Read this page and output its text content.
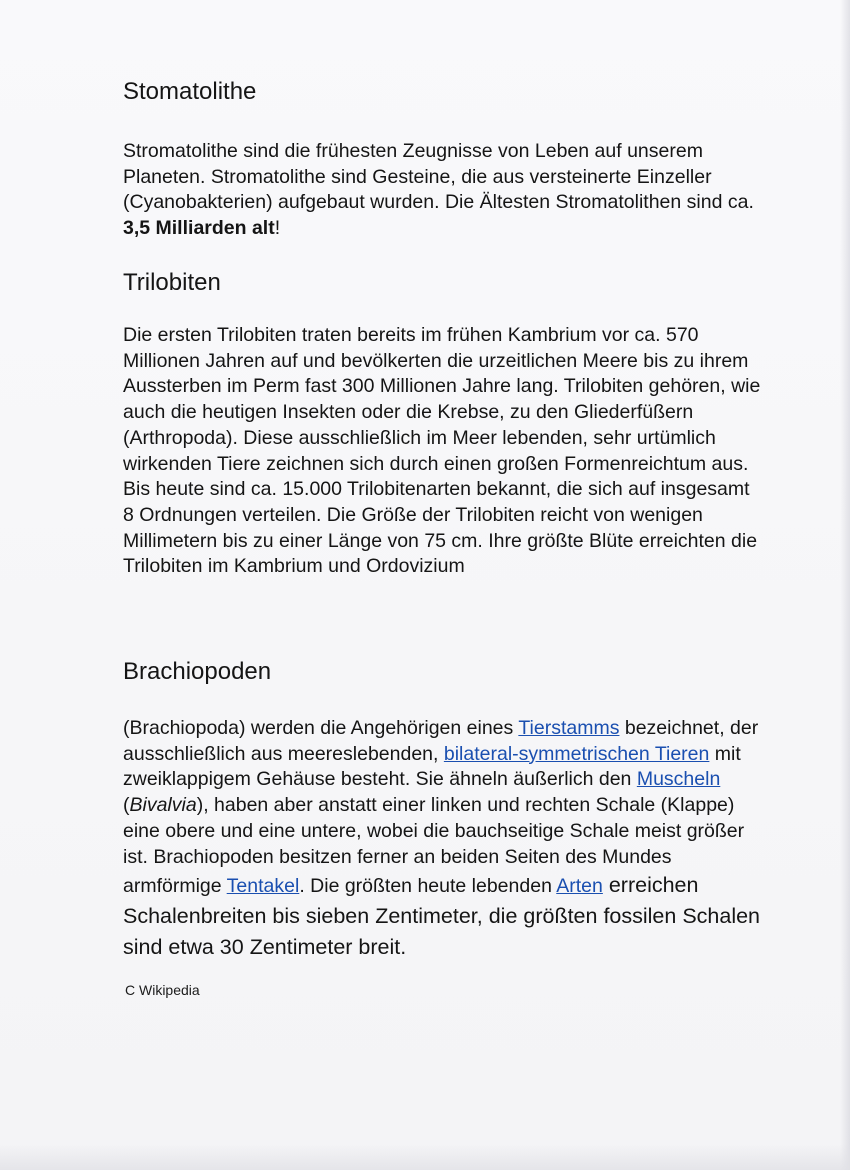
Stomatolithe

Stromatolithe sind die frühesten Zeugnisse von Leben auf unserem Planeten. Stromatolithe sind Gesteine, die aus versteinerte Einzeller (Cyanobakterien) aufgebaut wurden. Die Ältesten Stromatolithen sind ca. 3,5 Milliarden alt!

Trilobiten

Die ersten Trilobiten traten bereits im frühen Kambrium vor ca. 570 Millionen Jahren auf und bevölkerten die urzeitlichen Meere bis zu ihrem Aussterben im Perm fast 300 Millionen Jahre lang. Trilobiten gehören, wie auch die heutigen Insekten oder die Krebse, zu den Gliederfüßern (Arthropoda). Diese ausschließlich im Meer lebenden, sehr urtümlich wirkenden Tiere zeichnen sich durch einen großen Formenreichtum aus. Bis heute sind ca. 15.000 Trilobitenarten bekannt, die sich auf insgesamt 8 Ordnungen verteilen. Die Größe der Trilobiten reicht von wenigen Millimetern bis zu einer Länge von 75 cm. Ihre größte Blüte erreichten die Trilobiten im Kambrium und Ordovizium

Brachiopoden

(Brachiopoda) werden die Angehörigen eines Tierstamms bezeichnet, der ausschließlich aus meereslebenden, bilateral-symmetrischen Tieren mit zweiklappigem Gehäuse besteht. Sie ähneln äußerlich den Muscheln (Bivalvia), haben aber anstatt einer linken und rechten Schale (Klappe) eine obere und eine untere, wobei die bauchseitige Schale meist größer ist. Brachiopoden besitzen ferner an beiden Seiten des Mundes armförmige Tentakel. Die größten heute lebenden Arten erreichen Schalenbreiten bis sieben Zentimeter, die größten fossilen Schalen sind etwa 30 Zentimeter breit.

C Wikipedia
